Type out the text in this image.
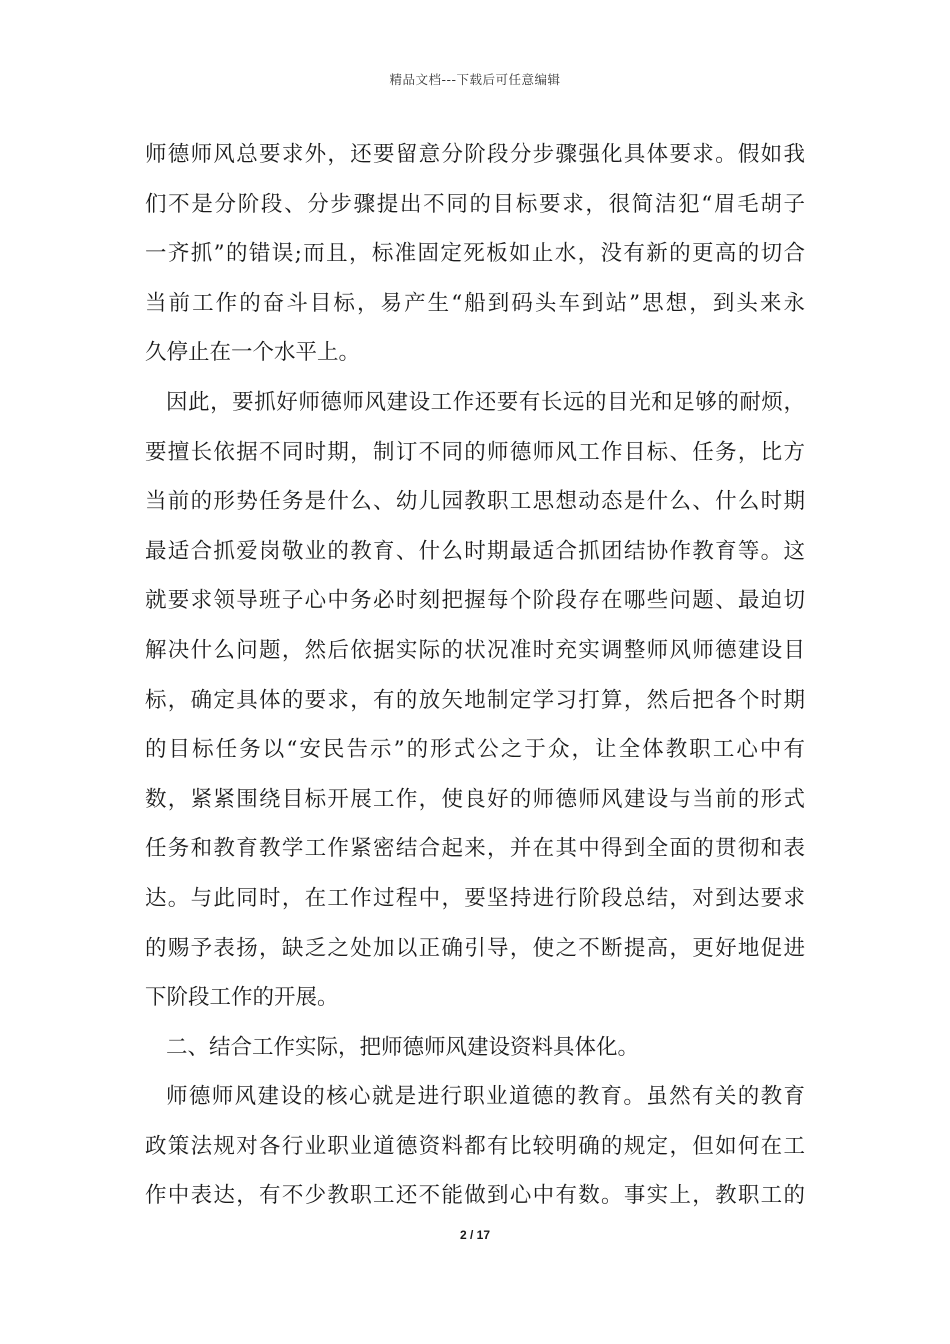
精品文档---下载后可任意编辑
师德师风总要求外，还要留意分阶段分步骤强化具体要求。假如我
们不是分阶段、分步骤提出不同的目标要求，很简洁犯“眉毛胡子
一齐抓”的错误;而且，标准固定死板如止水，没有新的更高的切合
当前工作的奋斗目标，易产生“船到码头车到站”思想，到头来永
久停止在一个水平上。
因此，要抓好师德师风建设工作还要有长远的目光和足够的耐烦，
要擅长依据不同时期，制订不同的师德师风工作目标、任务，比方
当前的形势任务是什么、幼儿园教职工思想动态是什么、什么时期
最适合抓爱岗敬业的教育、什么时期最适合抓团结协作教育等。这
就要求领导班子心中务必时刻把握每个阶段存在哪些问题、最迫切
解决什么问题，然后依据实际的状况准时充实调整师风师德建设目
标，确定具体的要求，有的放矢地制定学习打算，然后把各个时期
的目标任务以“安民告示”的形式公之于众，让全体教职工心中有
数，紧紧围绕目标开展工作，使良好的师德师风建设与当前的形式
任务和教育教学工作紧密结合起来，并在其中得到全面的贯彻和表
达。与此同时，在工作过程中，要坚持进行阶段总结，对到达要求
的赐予表扬，缺乏之处加以正确引导，使之不断提高，更好地促进
下阶段工作的开展。
二、结合工作实际，把师德师风建设资料具体化。
师德师风建设的核心就是进行职业道德的教育。虽然有关的教育
政策法规对各行业职业道德资料都有比较明确的规定，但如何在工
作中表达，有不少教职工还不能做到心中有数。事实上，教职工的
2 / 17
